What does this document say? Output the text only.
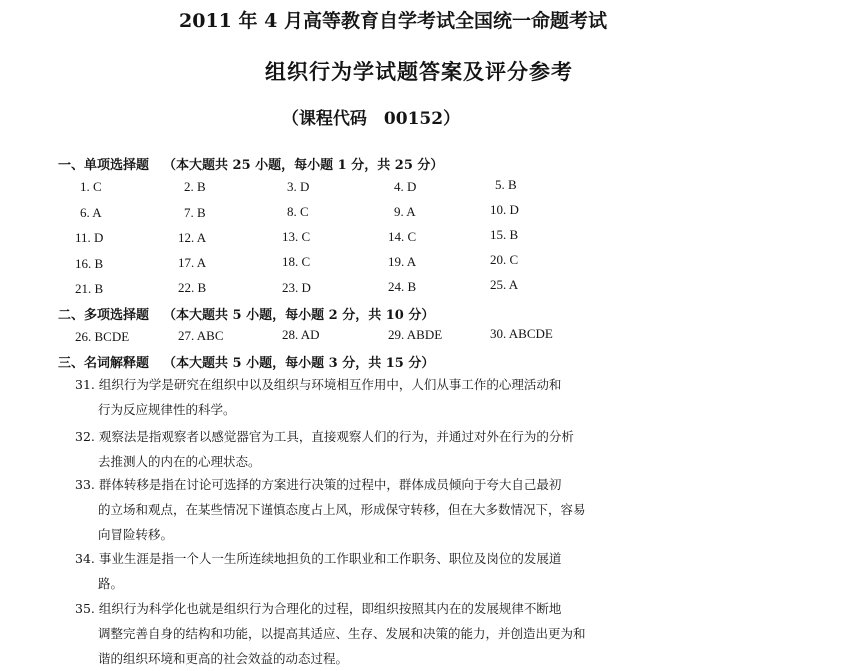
2011 年 4 月高等教育自学考试全国统一命题考试
组织行为学试题答案及评分参考
（课程代码　00152）
一、单项选择题 （本大题共 25 小题，每小题 1 分，共 25 分）
1. C	2. B	3. D	4. D	5. B
6. A	7. B	8. C	9. A	10. D
11. D	12. A	13. C	14. C	15. B
16. B	17. A	18. C	19. A	20. C
21. B	22. B	23. D	24. B	25. A
二、多项选择题 （本大题共 5 小题，每小题 2 分，共 10 分）
26. BCDE	27. ABC	28. AD	29. ABDE	30. ABCDE
三、名词解释题 （本大题共 5 小题，每小题 3 分，共 15 分）
31. 组织行为学是研究在组织中以及组织与环境相互作用中，人们从事工作的心理活动和
行为反应规律性的科学。
32. 观察法是指观察者以感觉器官为工具，直接观察人们的行为，并通过对外在行为的分析
去推测人的内在的心理状态。
33. 群体转移是指在讨论可选择的方案进行决策的过程中，群体成员倾向于夸大自己最初
的立场和观点，在某些情况下谨慎态度占上风，形成保守转移，但在大多数情况下，容易
向冒险转移。
34. 事业生涯是指一个人一生所连续地担负的工作职业和工作职务、职位及岗位的发展道
路。
35. 组织行为科学化也就是组织行为合理化的过程，即组织按照其内在的发展规律不断地
调整完善自身的结构和功能，以提高其适应、生存、发展和决策的能力，并创造出更为和
谐的组织环境和更高的社会效益的动态过程。
